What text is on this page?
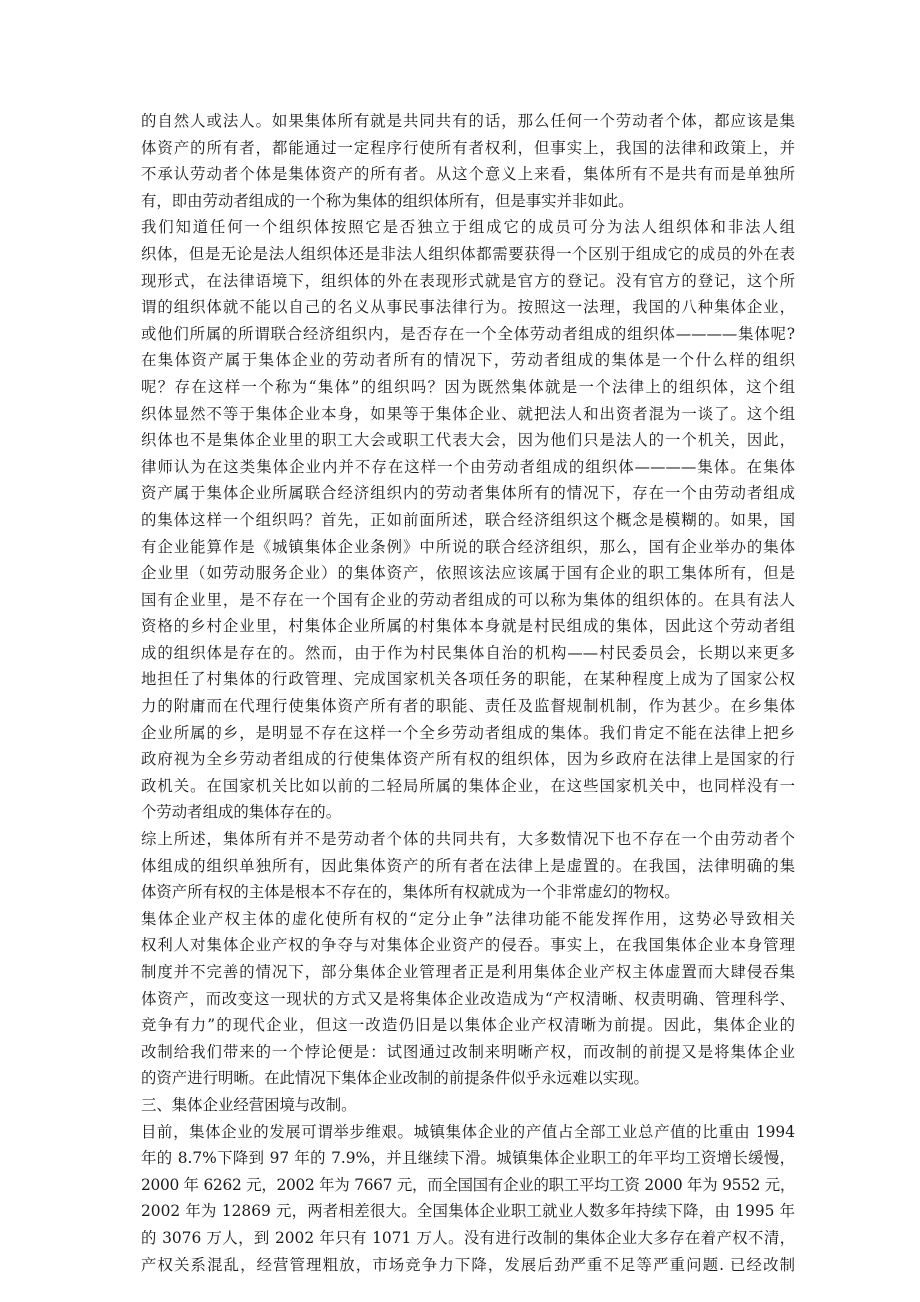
的自然人或法人。如果集体所有就是共同共有的话，那么任何一个劳动者个体，都应该是集
体资产的所有者，都能通过一定程序行使所有者权利，但事实上，我国的法律和政策上，并
不承认劳动者个体是集体资产的所有者。从这个意义上来看，集体所有不是共有而是单独所
有，即由劳动者组成的一个称为集体的组织体所有，但是事实并非如此。
我们知道任何一个组织体按照它是否独立于组成它的成员可分为法人组织体和非法人组
织体，但是无论是法人组织体还是非法人组织体都需要获得一个区别于组成它的成员的外在表
现形式，在法律语境下，组织体的外在表现形式就是官方的登记。没有官方的登记，这个所
谓的组织体就不能以自己的名义从事民事法律行为。按照这一法理，我国的八种集体企业，
或他们所属的所谓联合经济组织内，是否存在一个全体劳动者组成的组织体————集体呢?
在集体资产属于集体企业的劳动者所有的情况下，劳动者组成的集体是一个什么样的组织
呢？存在这样一个称为“集体”的组织吗？因为既然集体就是一个法律上的组织体，这个组
织体显然不等于集体企业本身，如果等于集体企业、就把法人和出资者混为一谈了。这个组
织体也不是集体企业里的职工大会或职工代表大会，因为他们只是法人的一个机关，因此，
律师认为在这类集体企业内并不存在这样一个由劳动者组成的组织体————集体。在集体
资产属于集体企业所属联合经济组织内的劳动者集体所有的情况下，存在一个由劳动者组成
的集体这样一个组织吗？首先，正如前面所述，联合经济组织这个概念是模糊的。如果，国
有企业能算作是《城镇集体企业条例》中所说的联合经济组织，那么，国有企业举办的集体
企业里（如劳动服务企业）的集体资产，依照该法应该属于国有企业的职工集体所有，但是
国有企业里，是不存在一个国有企业的劳动者组成的可以称为集体的组织体的。在具有法人
资格的乡村企业里，村集体企业所属的村集体本身就是村民组成的集体，因此这个劳动者组
成的组织体是存在的。然而，由于作为村民集体自治的机构——村民委员会，长期以来更多
地担任了村集体的行政管理、完成国家机关各项任务的职能，在某种程度上成为了国家公权
力的附庸而在代理行使集体资产所有者的职能、责任及监督规制机制，作为甚少。在乡集体
企业所属的乡，是明显不存在这样一个全乡劳动者组成的集体。我们肯定不能在法律上把乡
政府视为全乡劳动者组成的行使集体资产所有权的组织体，因为乡政府在法律上是国家的行
政机关。在国家机关比如以前的二轻局所属的集体企业，在这些国家机关中，也同样没有一
个劳动者组成的集体存在的。
综上所述，集体所有并不是劳动者个体的共同共有，大多数情况下也不存在一个由劳动者个
体组成的组织单独所有，因此集体资产的所有者在法律上是虚置的。在我国，法律明确的集
体资产所有权的主体是根本不存在的，集体所有权就成为一个非常虚幻的物权。
集体企业产权主体的虚化使所有权的“定分止争”法律功能不能发挥作用，这势必导致相关
权利人对集体企业产权的争夺与对集体企业资产的侵吞。事实上，在我国集体企业本身管理
制度并不完善的情况下，部分集体企业管理者正是利用集体企业产权主体虚置而大肆侵吞集
体资产，而改变这一现状的方式又是将集体企业改造成为“产权清晰、权责明确、管理科学、
竞争有力”的现代企业，但这一改造仍旧是以集体企业产权清晰为前提。因此，集体企业的
改制给我们带来的一个悖论便是：试图通过改制来明晰产权，而改制的前提又是将集体企业
的资产进行明晰。在此情况下集体企业改制的前提条件似乎永远难以实现。
三、集体企业经营困境与改制。
目前，集体企业的发展可谓举步维艰。城镇集体企业的产值占全部工业总产值的比重由 1994
年的 8.7%下降到 97 年的 7.9%，并且继续下滑。城镇集体企业职工的年平均工资增长缓慢，
2000 年 6262 元，2002 年为 7667 元，而全国国有企业的职工平均工资 2000 年为 9552 元，
2002 年为 12869 元，两者相差很大。全国集体企业职工就业人数多年持续下降，由 1995 年
的 3076 万人，到 2002 年只有 1071 万人。没有进行改制的集体企业大多存在着产权不清，
产权关系混乱，经营管理粗放，市场竞争力下降，发展后劲严重不足等严重问题. 已经改制
